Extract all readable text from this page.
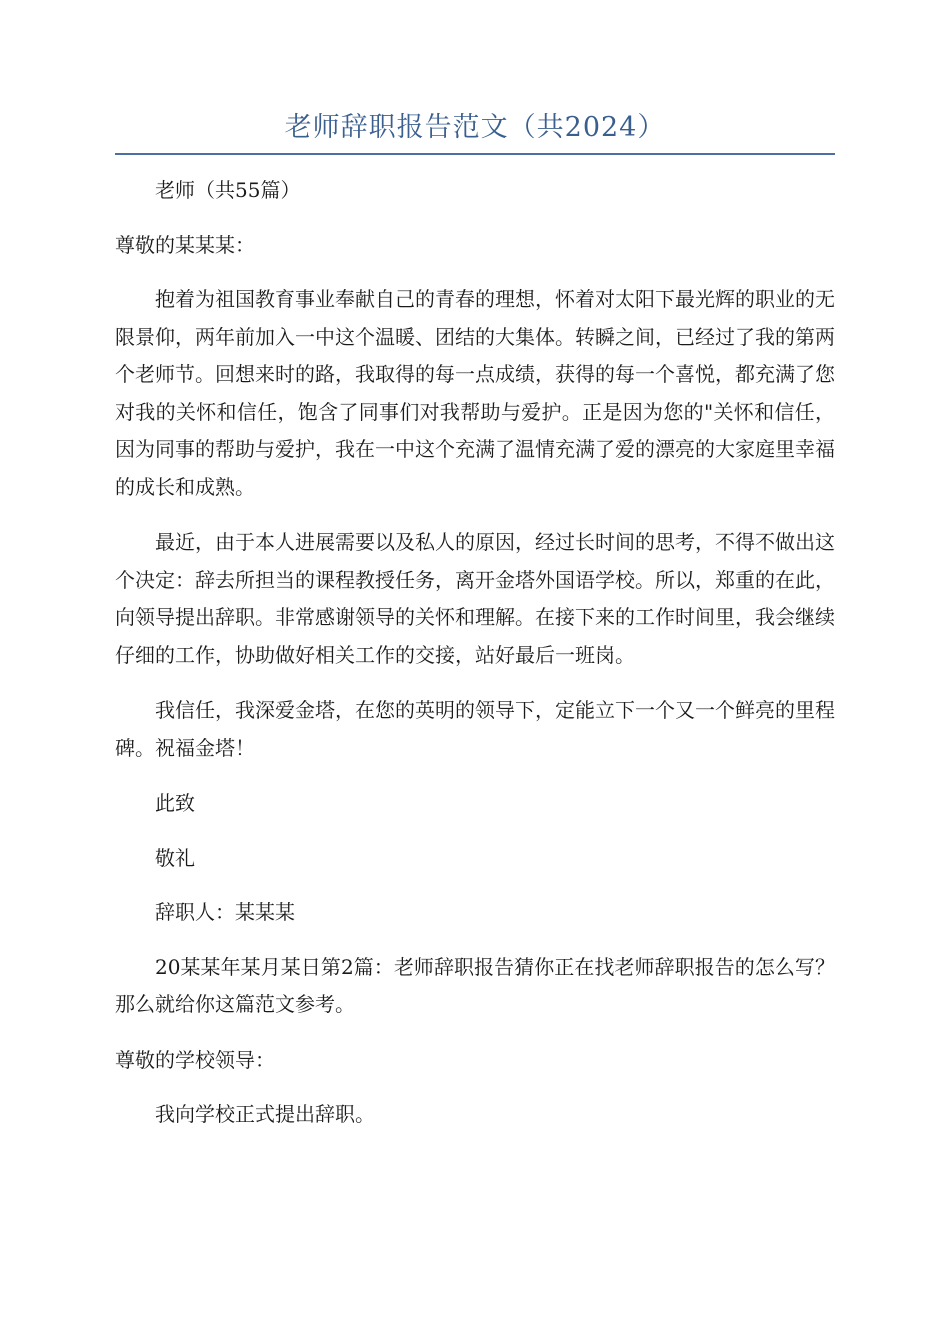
老师辞职报告范文（共2024）

老师（共55篇）

尊敬的某某某：

抱着为祖国教育事业奉献自己的青春的理想，怀着对太阳下最光辉的职业的无限景仰，两年前加入一中这个温暖、团结的大集体。转瞬之间，已经过了我的第两个老师节。回想来时的路，我取得的每一点成绩，获得的每一个喜悦，都充满了您对我的关怀和信任，饱含了同事们对我帮助与爱护。正是因为您的"关怀和信任，因为同事的帮助与爱护，我在一中这个充满了温情充满了爱的漂亮的大家庭里幸福的成长和成熟。

最近，由于本人进展需要以及私人的原因，经过长时间的思考，不得不做出这个决定：辞去所担当的课程教授任务，离开金塔外国语学校。所以，郑重的在此，向领导提出辞职。非常感谢领导的关怀和理解。在接下来的工作时间里，我会继续仔细的工作，协助做好相关工作的交接，站好最后一班岗。

我信任，我深爱金塔，在您的英明的领导下，定能立下一个又一个鲜亮的里程碑。祝福金塔！

此致

敬礼

辞职人：某某某

20某某年某月某日第2篇：老师辞职报告猜你正在找老师辞职报告的怎么写？那么就给你这篇范文参考。

尊敬的学校领导：

我向学校正式提出辞职。
